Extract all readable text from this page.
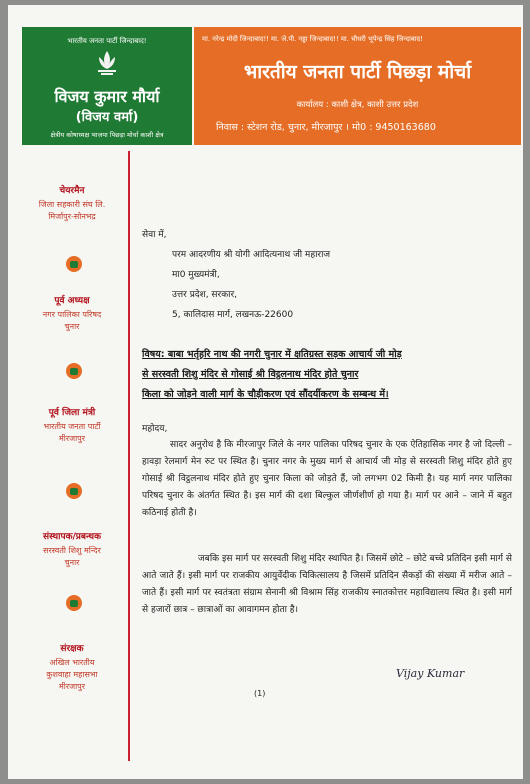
भारतीय जनता पार्टी जिन्दाबाद!
विजय कुमार मौर्या
(विजय वर्मा)
क्षेत्रीय कोषाध्यक्ष भाजपा पिछड़ा मोर्चा काशी क्षेत्र
मा. नरेन्द्र मोदी जिन्दाबाद!! मा. जे.पी. नड्डा जिन्दाबाद!! मा. चौधरी भूपेन्द्र सिंह जिन्दाबाद!
भारतीय जनता पार्टी पिछड़ा मोर्चा
कार्यालय : काशी क्षेत्र, काशी उत्तर प्रदेश
निवास : स्टेशन रोड, चुनार, मीरजापुर । मो0 : 9450163680
चेयरमैन
जिला सहकारी संघ लि.
मिर्जापुर-सोनभद्र
पूर्व अध्यक्ष
नगर पालिका परिषद
चुनार
पूर्व जिला मंत्री
भारतीय जनता पार्टी
मीरजापुर
संस्थापक/प्रबन्धक
सरस्वती शिशु मन्दिर
चुनार
संरक्षक
अखिल भारतीय
कुशवाहा महासभा
मीरजापुर
सेवा में,
परम आदरणीय श्री योगी आदित्यनाथ जी महाराज
मा0 मुख्यमंत्री,
उत्तर प्रदेश, सरकार,
5, कालिदास मार्ग, लखनऊ-22600
विषय: बाबा भर्तृहरि नाथ की नगरी चुनार में क्षतिग्रस्त सड़क आचार्य जी मोड़
से सरस्वती शिशु मंदिर से गोसाई श्री विट्ठलनाथ मंदिर होते चुनार
किला को जोड़ने वाली मार्ग के चौड़ीकरण एवं सौंदर्यीकरण के सम्बन्ध में।
महोदय,
सादर अनुरोध है कि मीरजापुर जिले के नगर पालिका परिषद चुनार के एक ऐतिहासिक नगर है जो दिल्ली – हावड़ा रेलमार्ग मेन रुट पर स्थित है। चुनार नगर के मुख्य मार्ग से आचार्य जी मोड़ से सरस्वती शिशु मंदिर होते हुए गोसाई श्री विट्ठलनाथ मंदिर होते हुए चुनार किला को जोड़ते हैं, जो लगभग 02 किमी है। यह मार्ग नगर पालिका परिषद चुनार के अंतर्गत स्थित है। इस मार्ग की दशा बिल्कुल जीर्णशीर्ण हो गया है। मार्ग पर आने – जाने में बहुत कठिनाई होती है।
जबकि इस मार्ग पर सरस्वती शिशु मंदिर स्थापित है। जिसमें छोटे – छोटे बच्चे प्रतिदिन इसी मार्ग से आते जाते हैं। इसी मार्ग पर राजकीय आयुर्वेदीक चिकित्सालय है जिसमें प्रतिदिन सैकड़ों की संख्या में मरीज आते – जाते हैं। इसी मार्ग पर स्वतंत्रता संग्राम सेनानी श्री विश्राम सिंह राजकीय स्नातकोत्तर महाविद्यालय स्थित है। इसी मार्ग से हजारों छात्र – छात्राओं का आवागमन होता है।
Vijay Kumar
(1)
